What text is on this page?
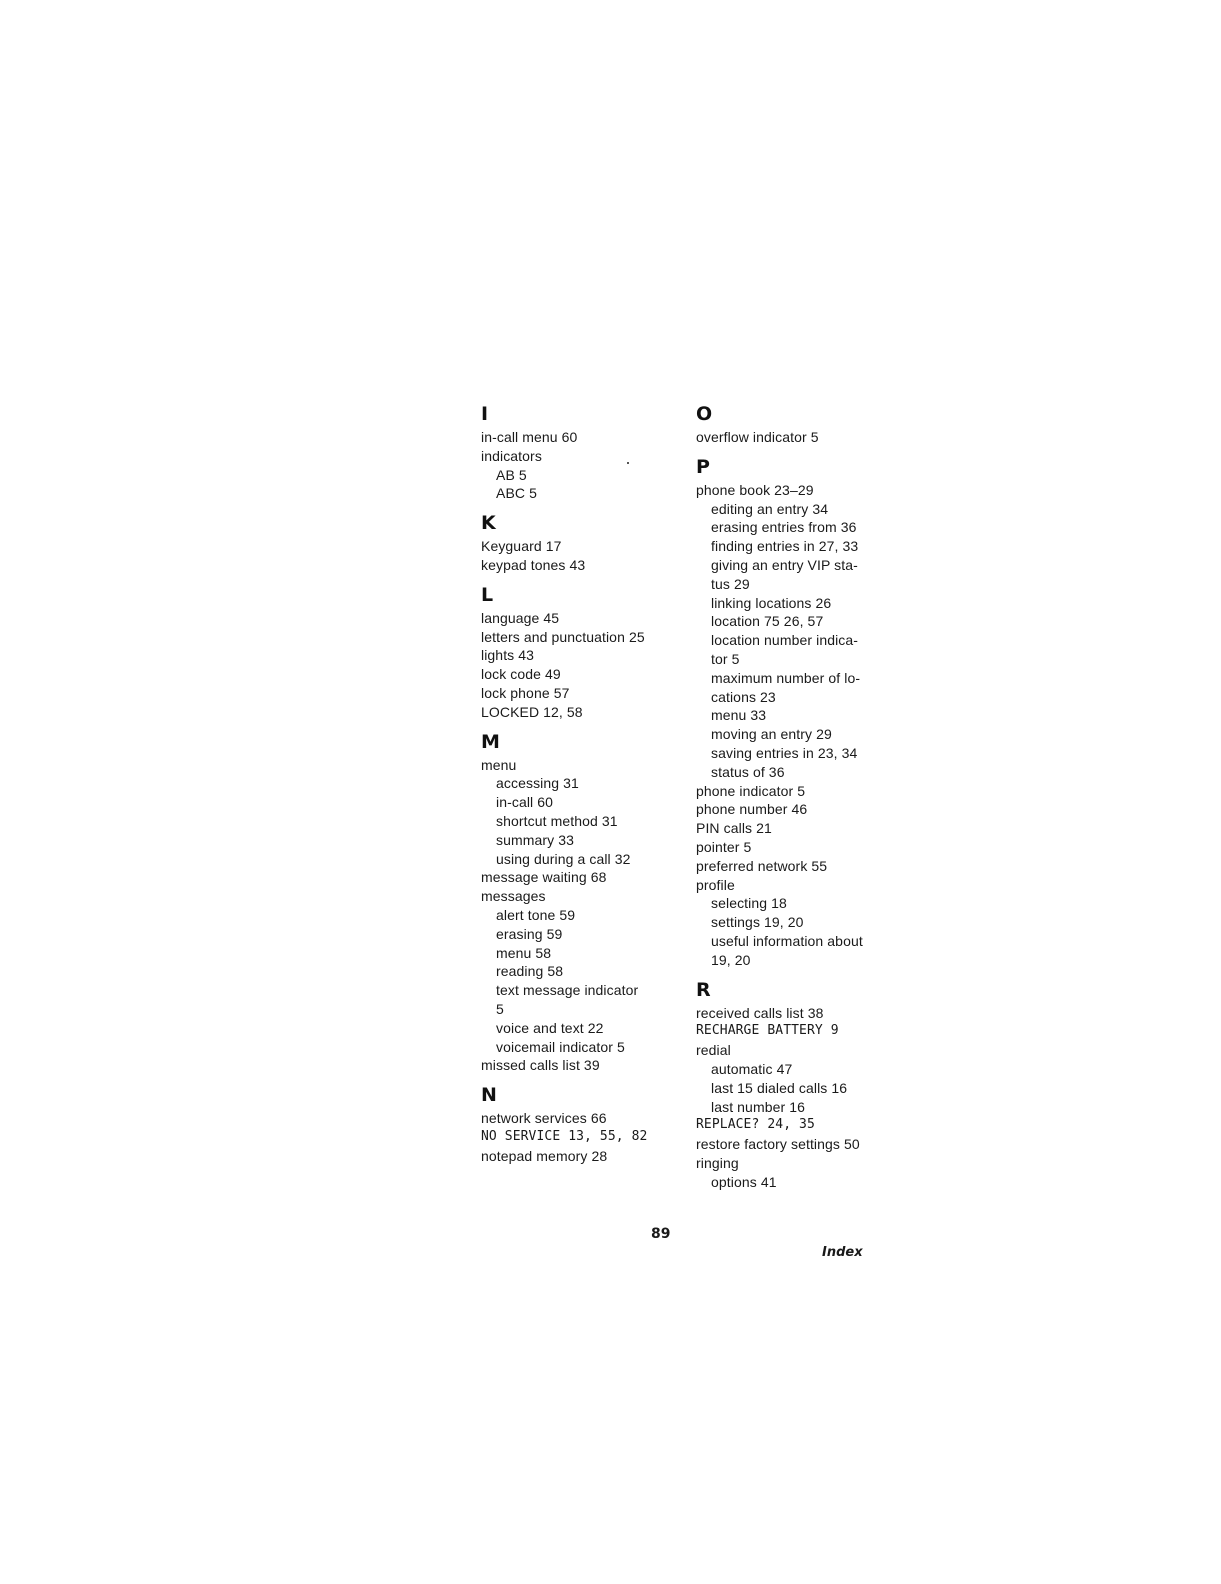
I
in-call menu 60
indicators
AB 5
ABC 5
K
Keyguard 17
keypad tones 43
L
language 45
letters and punctuation 25
lights 43
lock code 49
lock phone 57
LOCKED 12, 58
M
menu
accessing 31
in-call 60
shortcut method 31
summary 33
using during a call 32
message waiting 68
messages
alert tone 59
erasing 59
menu 58
reading 58
text message indicator
5
voice and text 22
voicemail indicator 5
missed calls list 39
N
network services 66
NO SERVICE 13, 55, 82
notepad memory 28
O
overflow indicator 5
P
phone book 23–29
editing an entry 34
erasing entries from 36
finding entries in 27, 33
giving an entry VIP sta-
tus 29
linking locations 26
location 75 26, 57
location number indica-
tor 5
maximum number of lo-
cations 23
menu 33
moving an entry 29
saving entries in 23, 34
status of 36
phone indicator 5
phone number 46
PIN calls 21
pointer 5
preferred network 55
profile
selecting 18
settings 19, 20
useful information about
19, 20
R
received calls list 38
RECHARGE BATTERY 9
redial
automatic 47
last 15 dialed calls 16
last number 16
REPLACE? 24, 35
restore factory settings 50
ringing
options 41
89
Index
